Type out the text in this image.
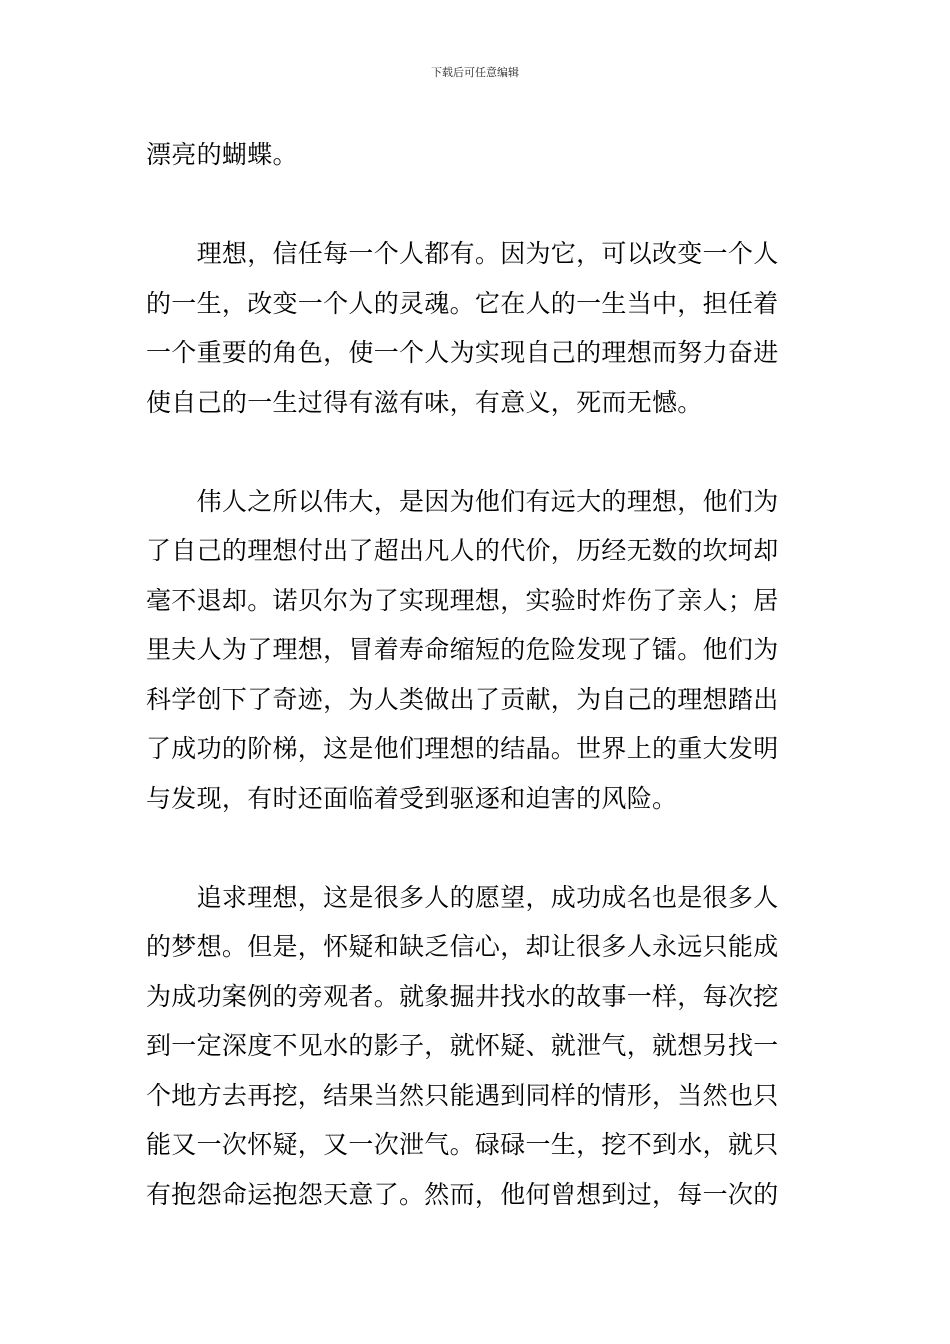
下载后可任意编辑
漂亮的蝴蝶。
　　理想，信任每一个人都有。因为它，可以改变一个人
的一生，改变一个人的灵魂。它在人的一生当中，担任着
一个重要的角色，使一个人为实现自己的理想而努力奋进
使自己的一生过得有滋有味，有意义，死而无憾。
　　伟人之所以伟大，是因为他们有远大的理想，他们为
了自己的理想付出了超出凡人的代价，历经无数的坎坷却
毫不退却。诺贝尔为了实现理想，实验时炸伤了亲人；居
里夫人为了理想，冒着寿命缩短的危险发现了镭。他们为
科学创下了奇迹，为人类做出了贡献，为自己的理想踏出
了成功的阶梯，这是他们理想的结晶。世界上的重大发明
与发现，有时还面临着受到驱逐和迫害的风险。
　　追求理想，这是很多人的愿望，成功成名也是很多人
的梦想。但是，怀疑和缺乏信心，却让很多人永远只能成
为成功案例的旁观者。就象掘井找水的故事一样，每次挖
到一定深度不见水的影子，就怀疑、就泄气，就想另找一
个地方去再挖，结果当然只能遇到同样的情形，当然也只
能又一次怀疑，又一次泄气。碌碌一生，挖不到水，就只
有抱怨命运抱怨天意了。然而，他何曾想到过，每一次的
